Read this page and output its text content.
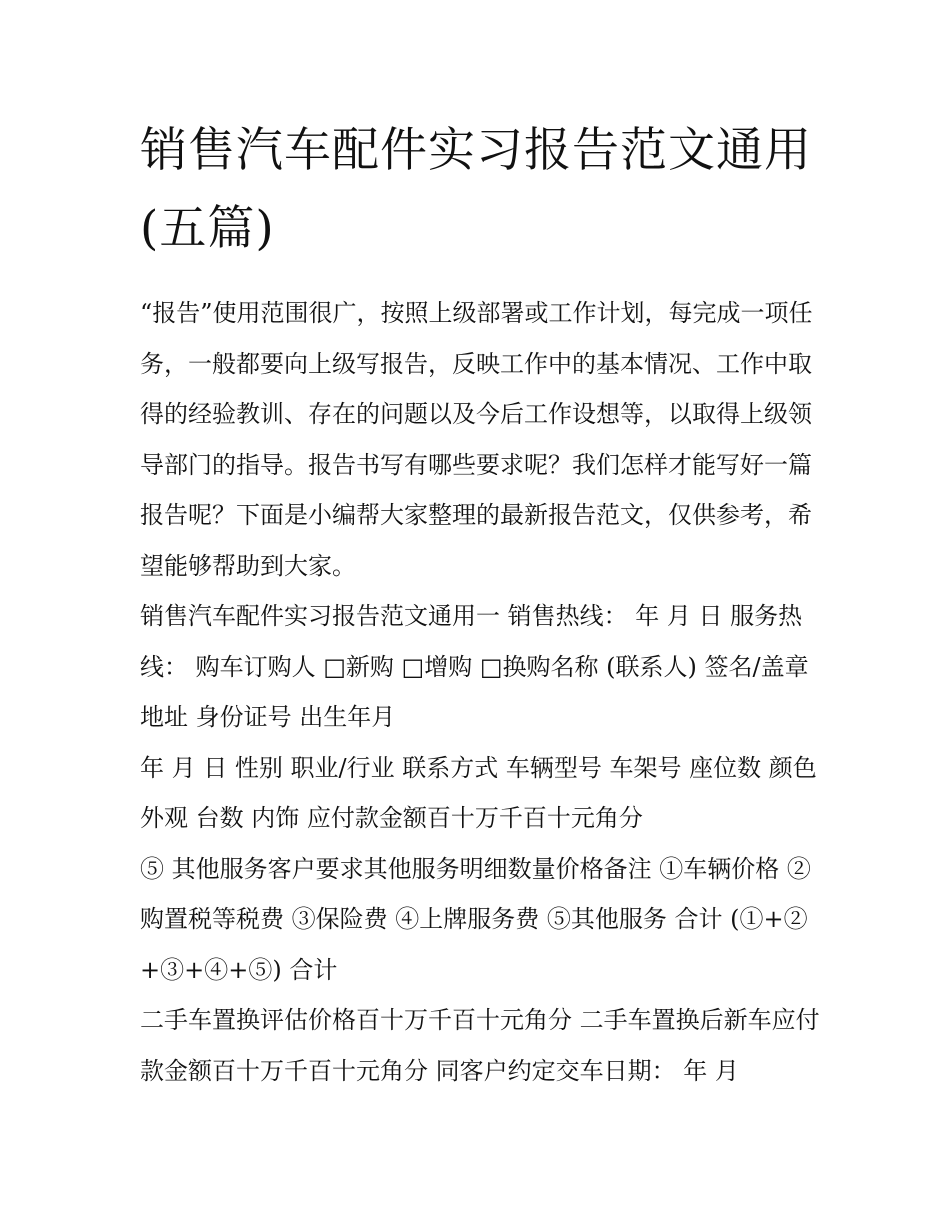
销售汽车配件实习报告范文通用(五篇)

“报告”使用范围很广，按照上级部署或工作计划，每完成一项任务，一般都要向上级写报告，反映工作中的基本情况、工作中取得的经验教训、存在的问题以及今后工作设想等，以取得上级领导部门的指导。报告书写有哪些要求呢？我们怎样才能写好一篇报告呢？下面是小编帮大家整理的最新报告范文，仅供参考，希望能够帮助到大家。

销售汽车配件实习报告范文通用一 销售热线： 年 月 日 服务热线： 购车订购人 □新购 □增购 □换购名称 (联系人) 签名/盖章 地址 身份证号 出生年月

年 月 日 性别 职业/行业 联系方式 车辆型号 车架号 座位数 颜色外观 台数 内饰 应付款金额百十万千百十元角分

⑤ 其他服务客户要求其他服务明细数量价格备注 ①车辆价格 ②购置税等税费 ③保险费 ④上牌服务费 ⑤其他服务 合计 (①+②+③+④+⑤) 合计

二手车置换评估价格百十万千百十元角分 二手车置换后新车应付款金额百十万千百十元角分 同客户约定交车日期： 年 月
